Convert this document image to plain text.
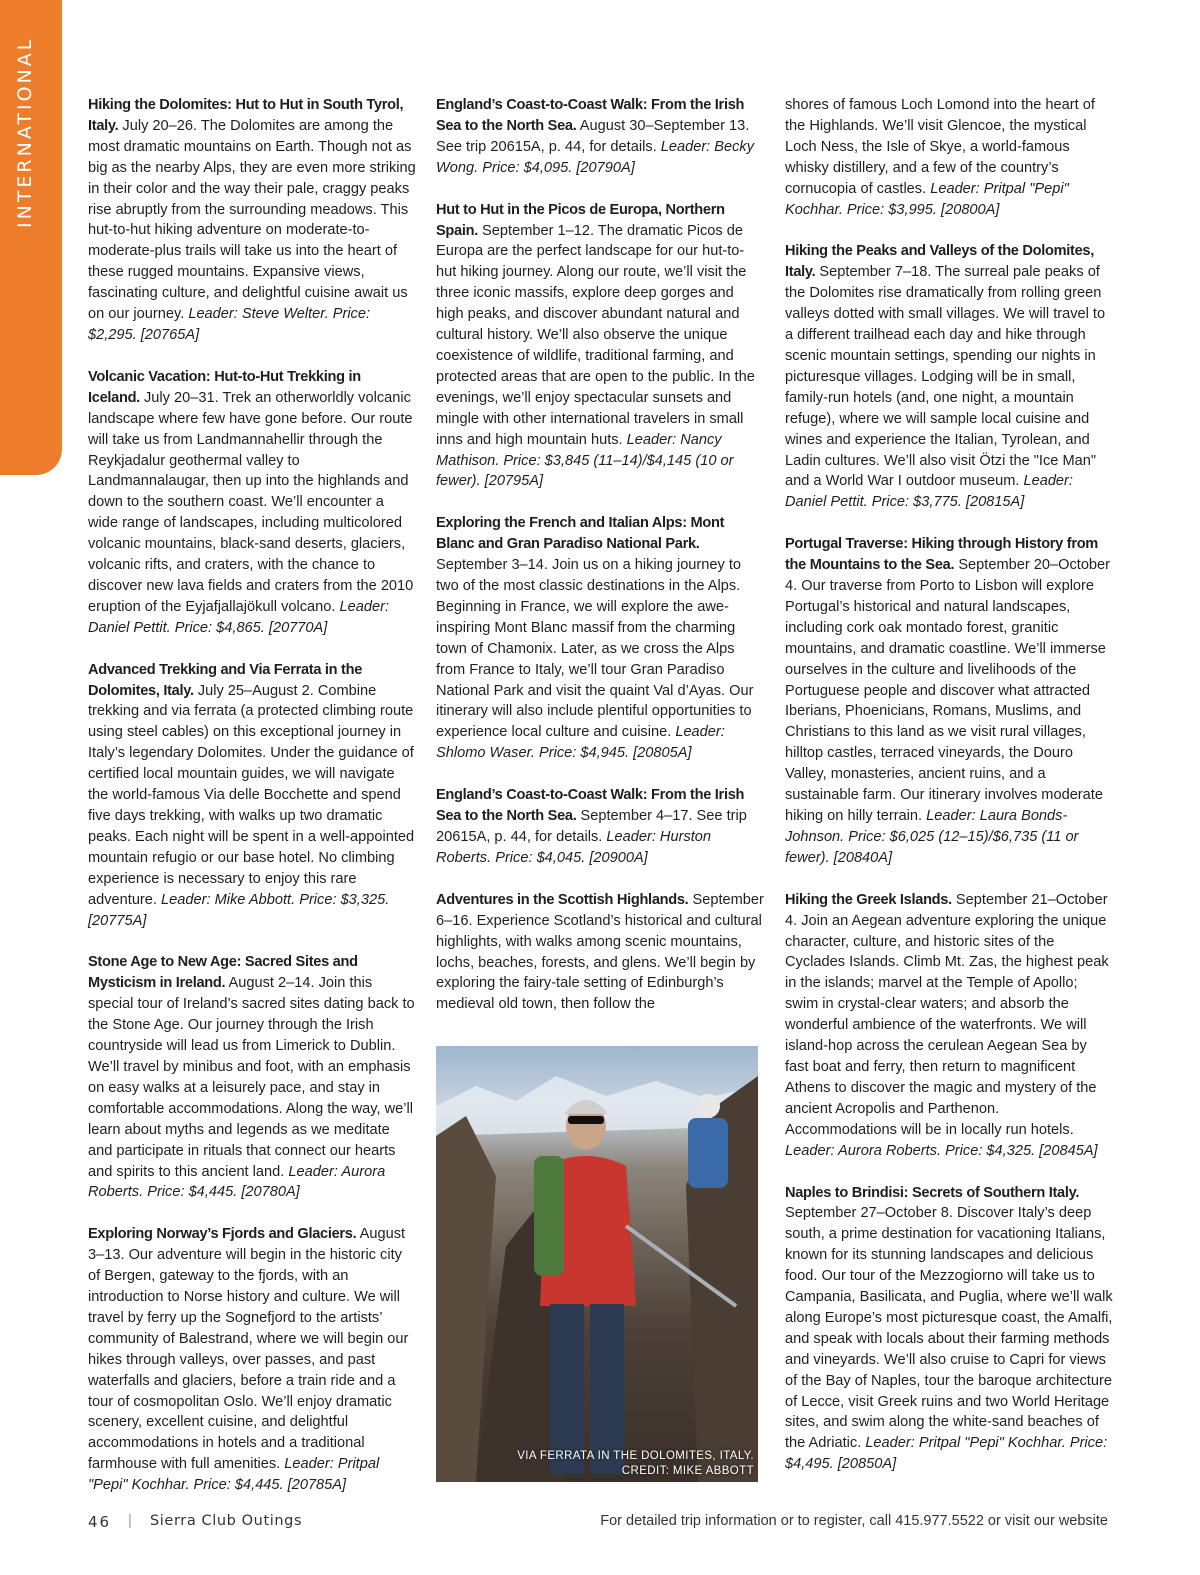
INTERNATIONAL	Hiking the Dolomites: Hut to Hut in South Tyrol, Italy. July 20–26. The Dolomites are among the most dramatic mountains on Earth. Though not as big as the nearby Alps, they are even more striking in their color and the way their pale, craggy peaks rise abruptly from the surrounding meadows. This hut-to-hut hiking adventure on moderate-to-moderate-plus trails will take us into the heart of these rugged mountains. Expansive views, fascinating culture, and delightful cuisine await us on our journey. Leader: Steve Welter. Price: $2,295. [20765A]

Volcanic Vacation: Hut-to-Hut Trekking in Iceland. July 20–31. Trek an otherworldly volcanic landscape where few have gone before. Our route will take us from Landmannahellir through the Reykjadalur geothermal valley to Landmannalaugar, then up into the highlands and down to the southern coast. We’ll encounter a wide range of landscapes, including multicolored volcanic mountains, black-sand deserts, glaciers, volcanic rifts, and craters, with the chance to discover new lava fields and craters from the 2010 eruption of the Eyjafjallajökull volcano. Leader: Daniel Pettit. Price: $4,865. [20770A]

Advanced Trekking and Via Ferrata in the Dolomites, Italy. July 25–August 2. Combine trekking and via ferrata (a protected climbing route using steel cables) on this exceptional journey in Italy’s legendary Dolomites. Under the guidance of certified local mountain guides, we will navigate the world-famous Via delle Bocchette and spend five days trekking, with walks up two dramatic peaks. Each night will be spent in a well-appointed mountain refugio or our base hotel. No climbing experience is necessary to enjoy this rare adventure. Leader: Mike Abbott. Price: $3,325. [20775A]

Stone Age to New Age: Sacred Sites and Mysticism in Ireland. August 2–14. Join this special tour of Ireland’s sacred sites dating back to the Stone Age. Our journey through the Irish countryside will lead us from Limerick to Dublin. We’ll travel by minibus and foot, with an emphasis on easy walks at a leisurely pace, and stay in comfortable accommodations. Along the way, we’ll learn about myths and legends as we meditate and participate in rituals that connect our hearts and spirits to this ancient land. Leader: Aurora Roberts. Price: $4,445. [20780A]

Exploring Norway’s Fjords and Glaciers. August 3–13. Our adventure will begin in the historic city of Bergen, gateway to the fjords, with an introduction to Norse history and culture. We will travel by ferry up the Sognefjord to the artists’ community of Balestrand, where we will begin our hikes through valleys, over passes, and past waterfalls and glaciers, before a train ride and a tour of cosmopolitan Oslo. We’ll enjoy dramatic scenery, excellent cuisine, and delightful accommodations in hotels and a traditional farmhouse with full amenities. Leader: Pritpal "Pepi" Kochhar. Price: $4,445. [20785A]

England’s Coast-to-Coast Walk: From the Irish Sea to the North Sea. August 30–September 13. See trip 20615A, p. 44, for details. Leader: Becky Wong. Price: $4,095. [20790A]

Hut to Hut in the Picos de Europa, Northern Spain. September 1–12. The dramatic Picos de Europa are the perfect landscape for our hut-to-hut hiking journey. Along our route, we’ll visit the three iconic massifs, explore deep gorges and high peaks, and discover abundant natural and cultural history. We’ll also observe the unique coexistence of wildlife, traditional farming, and protected areas that are open to the public. In the evenings, we’ll enjoy spectacular sunsets and mingle with other international travelers in small inns and high mountain huts. Leader: Nancy Mathison. Price: $3,845 (11–14)/$4,145 (10 or fewer). [20795A]

Exploring the French and Italian Alps: Mont Blanc and Gran Paradiso National Park. September 3–14. Join us on a hiking journey to two of the most classic destinations in the Alps. Beginning in France, we will explore the awe-inspiring Mont Blanc massif from the charming town of Chamonix. Later, as we cross the Alps from France to Italy, we’ll tour Gran Paradiso National Park and visit the quaint Val d’Ayas. Our itinerary will also include plentiful opportunities to experience local culture and cuisine. Leader: Shlomo Waser. Price: $4,945. [20805A]

England’s Coast-to-Coast Walk: From the Irish Sea to the North Sea. September 4–17. See trip 20615A, p. 44, for details. Leader: Hurston Roberts. Price: $4,045. [20900A]

Adventures in the Scottish Highlands. September 6–16. Experience Scotland’s historical and cultural highlights, with walks among scenic mountains, lochs, beaches, forests, and glens. We’ll begin by exploring the fairy-tale setting of Edinburgh’s medieval old town, then follow the

shores of famous Loch Lomond into the heart of the Highlands. We’ll visit Glencoe, the mystical Loch Ness, the Isle of Skye, a world-famous whisky distillery, and a few of the country’s cornucopia of castles. Leader: Pritpal "Pepi" Kochhar. Price: $3,995. [20800A]

Hiking the Peaks and Valleys of the Dolomites, Italy. September 7–18. The surreal pale peaks of the Dolomites rise dramatically from rolling green valleys dotted with small villages. We will travel to a different trailhead each day and hike through scenic mountain settings, spending our nights in picturesque villages. Lodging will be in small, family-run hotels (and, one night, a mountain refuge), where we will sample local cuisine and wines and experience the Italian, Tyrolean, and Ladin cultures. We’ll also visit Ötzi the "Ice Man" and a World War I outdoor museum. Leader: Daniel Pettit. Price: $3,775. [20815A]

Portugal Traverse: Hiking through History from the Mountains to the Sea. September 20–October 4. Our traverse from Porto to Lisbon will explore Portugal’s historical and natural landscapes, including cork oak montado forest, granitic mountains, and dramatic coastline. We’ll immerse ourselves in the culture and livelihoods of the Portuguese people and discover what attracted Iberians, Phoenicians, Romans, Muslims, and Christians to this land as we visit rural villages, hilltop castles, terraced vineyards, the Douro Valley, monasteries, ancient ruins, and a sustainable farm. Our itinerary involves moderate hiking on hilly terrain. Leader: Laura Bonds-Johnson. Price: $6,025 (12–15)/$6,735 (11 or fewer). [20840A]

Hiking the Greek Islands. September 21–October 4. Join an Aegean adventure exploring the unique character, culture, and historic sites of the Cyclades Islands. Climb Mt. Zas, the highest peak in the islands; marvel at the Temple of Apollo; swim in crystal-clear waters; and absorb the wonderful ambience of the waterfronts. We will island-hop across the cerulean Aegean Sea by fast boat and ferry, then return to magnificent Athens to discover the magic and mystery of the ancient Acropolis and Parthenon. Accommodations will be in locally run hotels. Leader: Aurora Roberts. Price: $4,325. [20845A]

Naples to Brindisi: Secrets of Southern Italy. September 27–October 8. Discover Italy’s deep south, a prime destination for vacationing Italians, known for its stunning landscapes and delicious food. Our tour of the Mezzogiorno will take us to Campania, Basilicata, and Puglia, where we’ll walk along Europe’s most picturesque coast, the Amalfi, and speak with locals about their farming methods and vineyards. We’ll also cruise to Capri for views of the Bay of Naples, tour the baroque architecture of Lecce, visit Greek ruins and two World Heritage sites, and swim along the white-sand beaches of the Adriatic. Leader: Pritpal "Pepi" Kochhar. Price: $4,495. [20850A]

VIA FERRATA IN THE DOLOMITES, ITALY.
CREDIT: MIKE ABBOTT
46 | Sierra Club Outings	For detailed trip information or to register, call 415.977.5522 or visit our website
